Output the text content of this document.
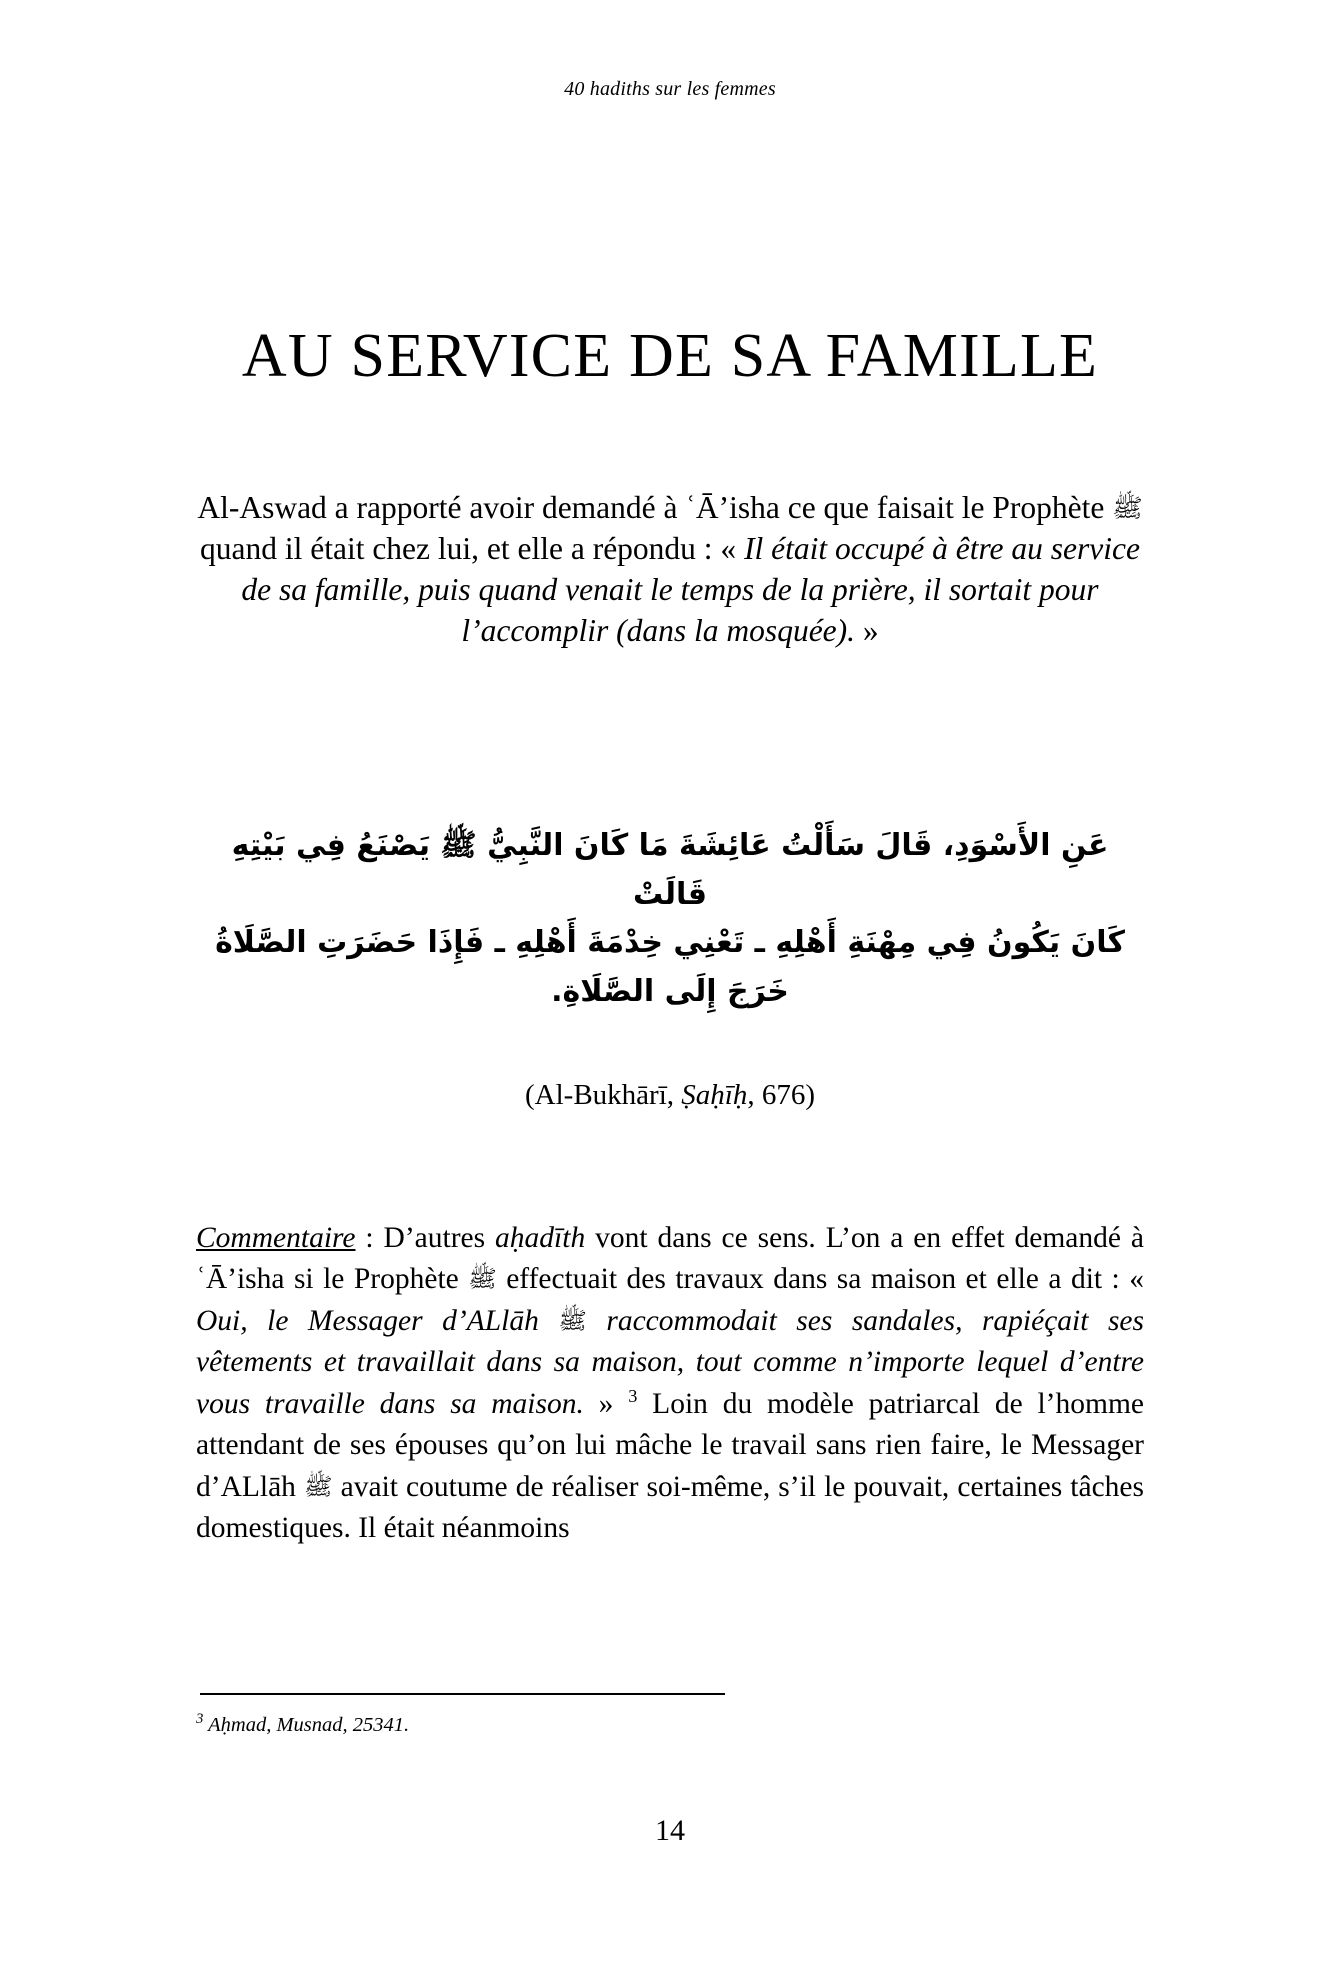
40 hadiths sur les femmes
AU SERVICE DE SA FAMILLE
Al-Aswad a rapporté avoir demandé à ʿĀ’isha ce que faisait le Prophète ﷺ quand il était chez lui, et elle a répondu : « Il était occupé à être au service de sa famille, puis quand venait le temps de la prière, il sortait pour l’accomplir (dans la mosquée). »
عَنِ الأَسْوَدِ، قَالَ سَأَلْتُ عَائِشَةَ مَا كَانَ النَّبِيُّ ﷺ يَصْنَعُ فِي بَيْتِهِ قَالَتْ
كَانَ يَكُونُ فِي مِهْنَةِ أَهْلِهِ ـ تَعْنِي خِدْمَةَ أَهْلِهِ ـ فَإِذَا حَضَرَتِ الصَّلَاةُ
خَرَجَ إِلَى الصَّلَاةِ.
(Al-Bukhārī, Ṣaḥīḥ, 676)

Commentaire : D’autres aḥadīth vont dans ce sens. L’on a en effet demandé à ʿĀ’isha si le Prophète ﷺ effectuait des travaux dans sa maison et elle a dit : « Oui, le Messager d’ALlāh ﷺ raccommodait ses sandales, rapiéçait ses vêtements et travaillait dans sa maison, tout comme n’importe lequel d’entre vous travaille dans sa maison. » $^3$ Loin du modèle patriarcal de l’homme attendant de ses épouses qu’on lui mâche le travail sans rien faire, le Messager d’ALlāh ﷺ avait coutume de réaliser soi-même, s’il le pouvait, certaines tâches domestiques. Il était néanmoins

$^3$ Aḥmad, Musnad, 25341.
14
